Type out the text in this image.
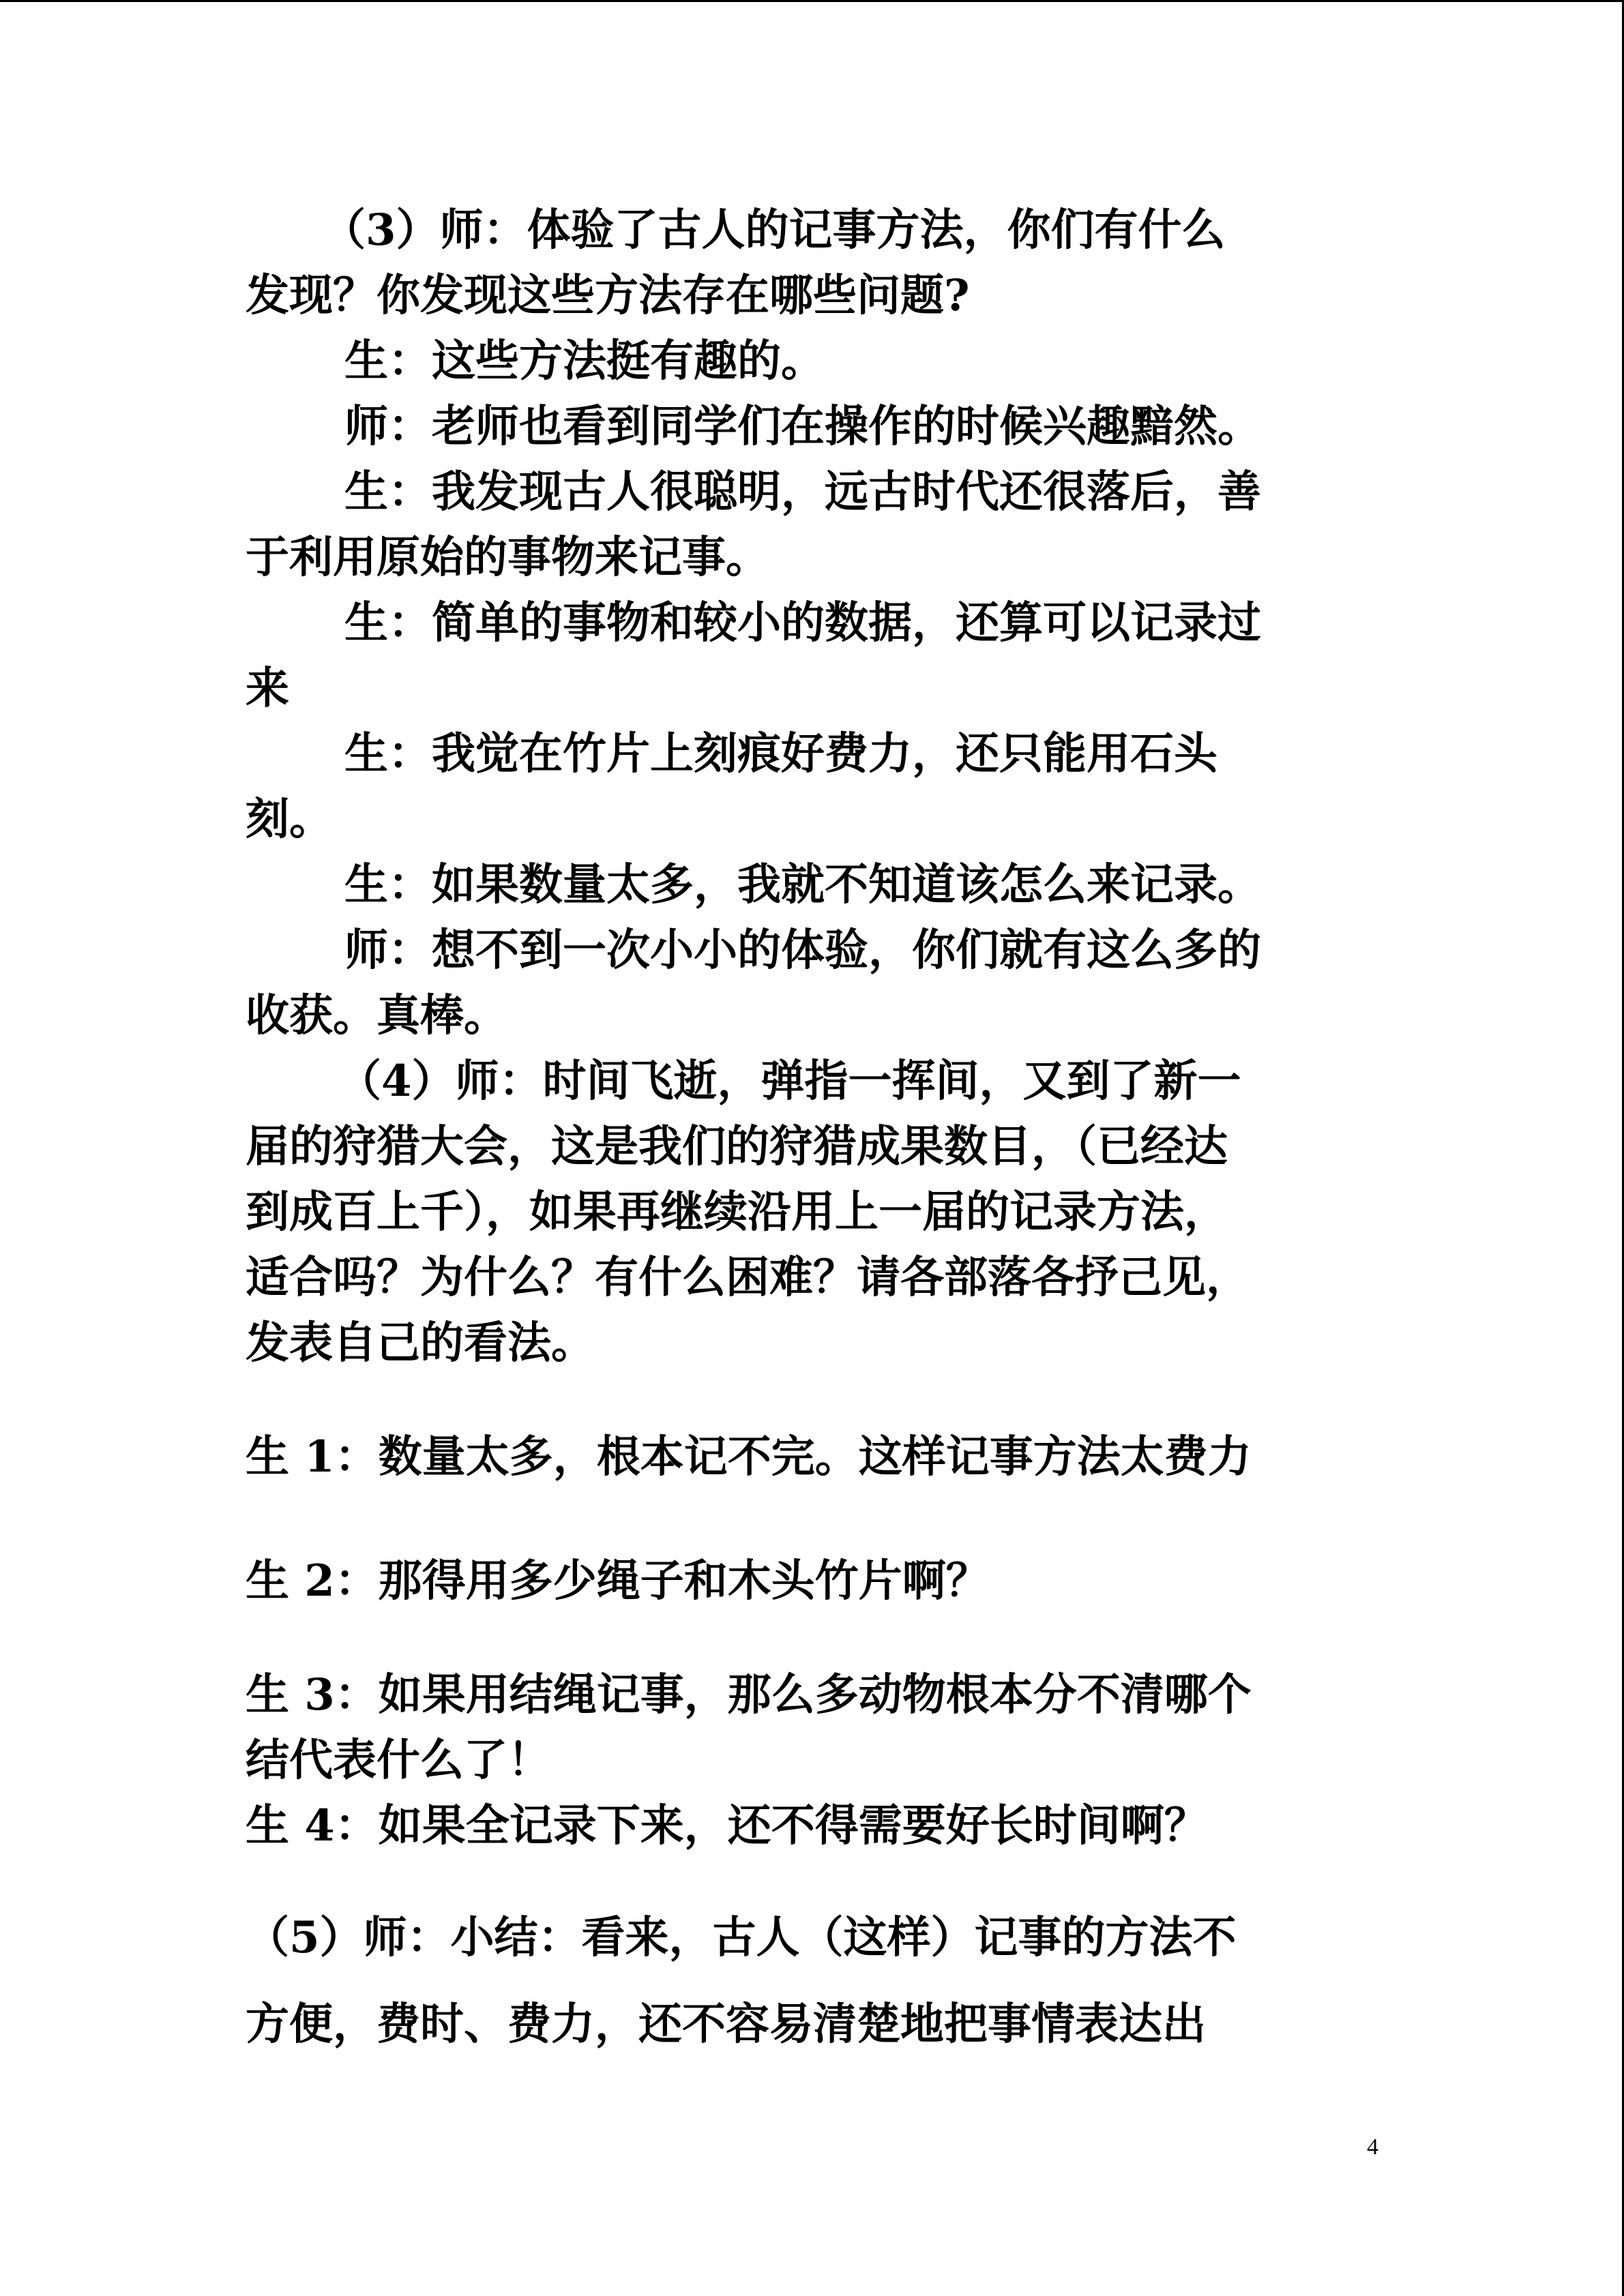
（3）师：体验了古人的记事方法，你们有什么
发现？你发现这些方法存在哪些问题?
生：这些方法挺有趣的。
师：老师也看到同学们在操作的时候兴趣黯然。
生：我发现古人很聪明，远古时代还很落后，善
于利用原始的事物来记事。
生：简单的事物和较小的数据，还算可以记录过
来
生：我觉在竹片上刻痕好费力，还只能用石头
刻。
生：如果数量太多，我就不知道该怎么来记录。
师：想不到一次小小的体验，你们就有这么多的
收获。真棒。
（4）师：时间飞逝，弹指一挥间，又到了新一
届的狩猎大会，这是我们的狩猎成果数目，（已经达
到成百上千），如果再继续沿用上一届的记录方法，
适合吗？为什么？有什么困难？请各部落各抒己见，
发表自己的看法。
生 1：数量太多，根本记不完。这样记事方法太费力
生 2：那得用多少绳子和木头竹片啊？
生 3：如果用结绳记事，那么多动物根本分不清哪个
结代表什么了！
生 4：如果全记录下来，还不得需要好长时间啊？
（5）师：小结：看来，古人（这样）记事的方法不
方便，费时、费力，还不容易清楚地把事情表达出
4
